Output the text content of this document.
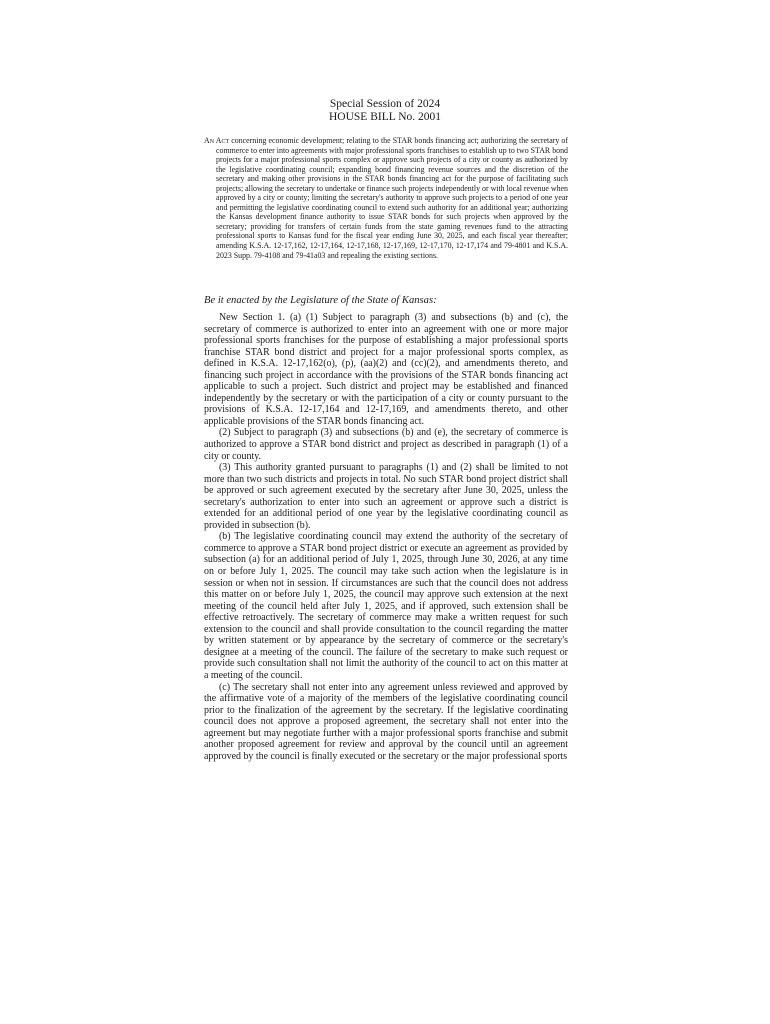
Special Session of 2024
HOUSE BILL No. 2001
An Act concerning economic development; relating to the STAR bonds financing act; authorizing the secretary of commerce to enter into agreements with major professional sports franchises to establish up to two STAR bond projects for a major professional sports complex or approve such projects of a city or county as authorized by the legislative coordinating council; expanding bond financing revenue sources and the discretion of the secretary and making other provisions in the STAR bonds financing act for the purpose of facilitating such projects; allowing the secretary to undertake or finance such projects independently or with local revenue when approved by a city or county; limiting the secretary's authority to approve such projects to a period of one year and permitting the legislative coordinating council to extend such authority for an additional year; authorizing the Kansas development finance authority to issue STAR bonds for such projects when approved by the secretary; providing for transfers of certain funds from the state gaming revenues fund to the attracting professional sports to Kansas fund for the fiscal year ending June 30, 2025, and each fiscal year thereafter; amending K.S.A. 12-17,162, 12-17,164, 12-17,168, 12-17,169, 12-17,170, 12-17,174 and 79-4801 and K.S.A. 2023 Supp. 79-4108 and 79-41a03 and repealing the existing sections.
Be it enacted by the Legislature of the State of Kansas:

New Section 1. (a) (1) Subject to paragraph (3) and subsections (b) and (c), the secretary of commerce is authorized to enter into an agreement with one or more major professional sports franchises for the purpose of establishing a major professional sports franchise STAR bond district and project for a major professional sports complex, as defined in K.S.A. 12-17,162(o), (p), (aa)(2) and (cc)(2), and amendments thereto, and financing such project in accordance with the provisions of the STAR bonds financing act applicable to such a project. Such district and project may be established and financed independently by the secretary or with the participation of a city or county pursuant to the provisions of K.S.A. 12-17,164 and 12-17,169, and amendments thereto, and other applicable provisions of the STAR bonds financing act.

(2) Subject to paragraph (3) and subsections (b) and (e), the secretary of commerce is authorized to approve a STAR bond district and project as described in paragraph (1) of a city or county.

(3) This authority granted pursuant to paragraphs (1) and (2) shall be limited to not more than two such districts and projects in total. No such STAR bond project district shall be approved or such agreement executed by the secretary after June 30, 2025, unless the secretary's authorization to enter into such an agreement or approve such a district is extended for an additional period of one year by the legislative coordinating council as provided in subsection (b).

(b) The legislative coordinating council may extend the authority of the secretary of commerce to approve a STAR bond project district or execute an agreement as provided by subsection (a) for an additional period of July 1, 2025, through June 30, 2026, at any time on or before July 1, 2025. The council may take such action when the legislature is in session or when not in session. If circumstances are such that the council does not address this matter on or before July 1, 2025, the council may approve such extension at the next meeting of the council held after July 1, 2025, and if approved, such extension shall be effective retroactively. The secretary of commerce may make a written request for such extension to the council and shall provide consultation to the council regarding the matter by written statement or by appearance by the secretary of commerce or the secretary's designee at a meeting of the council. The failure of the secretary to make such request or provide such consultation shall not limit the authority of the council to act on this matter at a meeting of the council.

(c) The secretary shall not enter into any agreement unless reviewed and approved by the affirmative vote of a majority of the members of the legislative coordinating council prior to the finalization of the agreement by the secretary. If the legislative coordinating council does not approve a proposed agreement, the secretary shall not enter into the agreement but may negotiate further with a major professional sports franchise and submit another proposed agreement for review and approval by the council until an agreement approved by the council is finally executed or the secretary or the major professional sports
